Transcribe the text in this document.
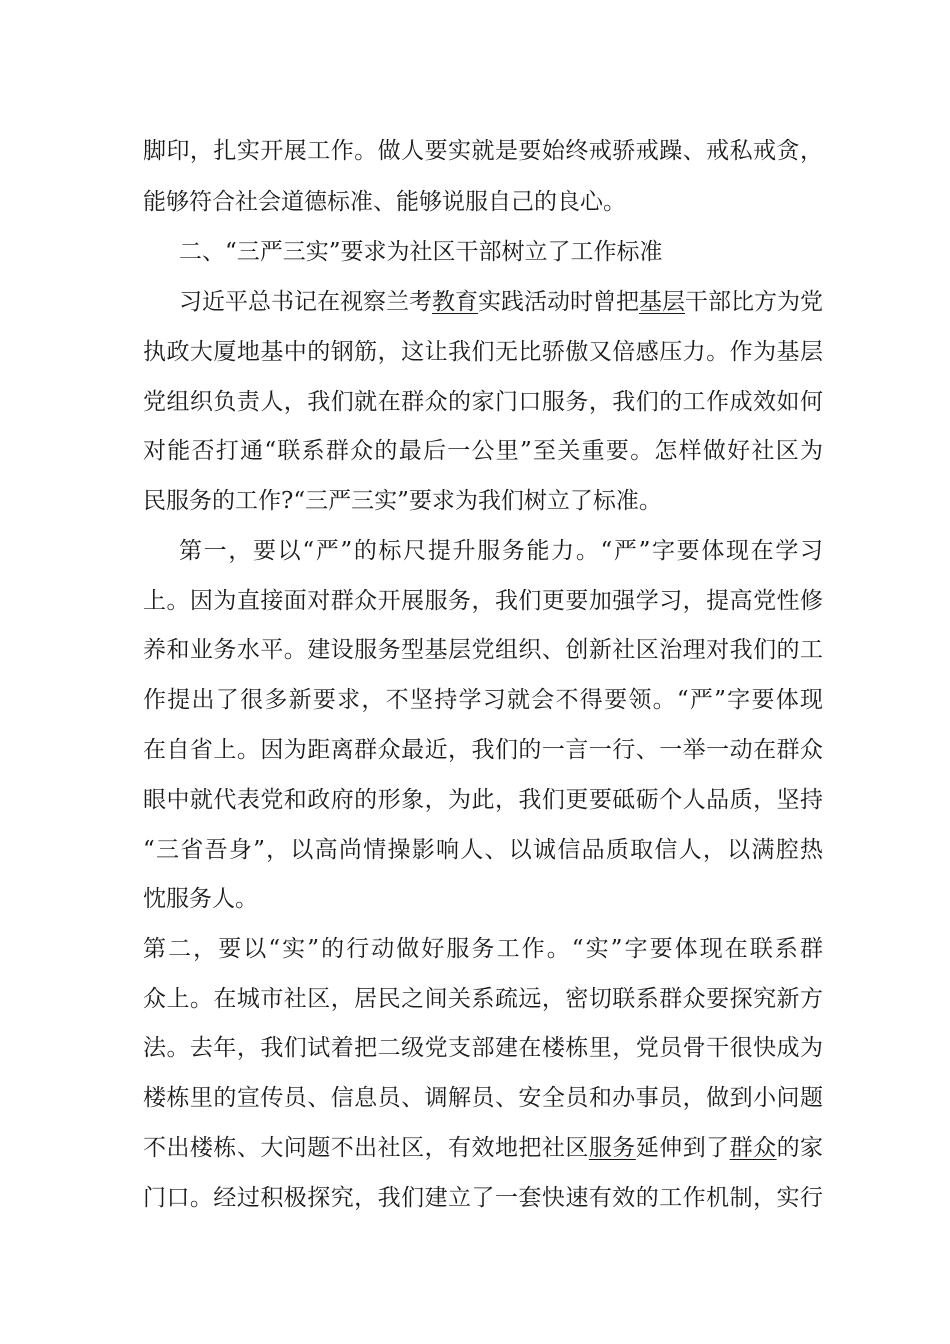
脚印，扎实开展工作。做人要实就是要始终戒骄戒躁、戒私戒贪，
能够符合社会道德标准、能够说服自己的良心。
二、“三严三实”要求为社区干部树立了工作标准
习近平总书记在视察兰考教育实践活动时曾把基层干部比方为党
执政大厦地基中的钢筋，这让我们无比骄傲又倍感压力。作为基层
党组织负责人，我们就在群众的家门口服务，我们的工作成效如何
对能否打通“联系群众的最后一公里”至关重要。怎样做好社区为
民服务的工作?“三严三实”要求为我们树立了标准。
第一，要以“严”的标尺提升服务能力。“严”字要体现在学习
上。因为直接面对群众开展服务，我们更要加强学习，提高党性修
养和业务水平。建设服务型基层党组织、创新社区治理对我们的工
作提出了很多新要求，不坚持学习就会不得要领。“严”字要体现
在自省上。因为距离群众最近，我们的一言一行、一举一动在群众
眼中就代表党和政府的形象，为此，我们更要砥砺个人品质，坚持
“三省吾身”，以高尚情操影响人、以诚信品质取信人，以满腔热
忱服务人。
第二，要以“实”的行动做好服务工作。“实”字要体现在联系群
众上。在城市社区，居民之间关系疏远，密切联系群众要探究新方
法。去年，我们试着把二级党支部建在楼栋里，党员骨干很快成为
楼栋里的宣传员、信息员、调解员、安全员和办事员，做到小问题
不出楼栋、大问题不出社区，有效地把社区服务延伸到了群众的家
门口。经过积极探究，我们建立了一套快速有效的工作机制，实行
